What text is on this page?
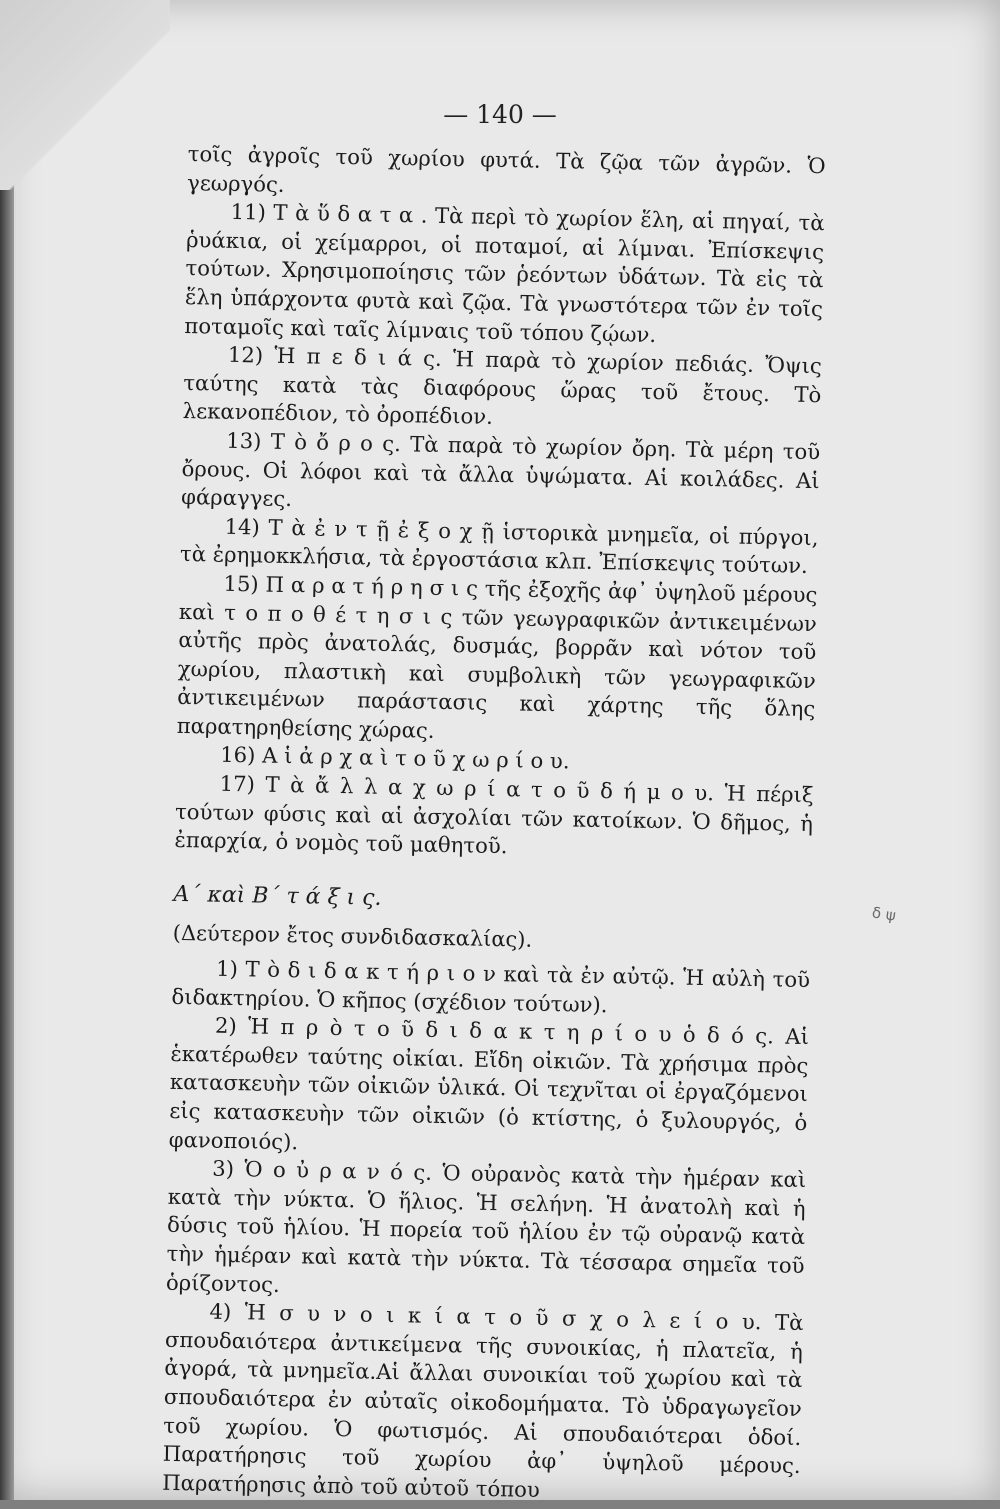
— 140 —

τοῖς ἀγροῖς τοῦ χωρίου φυτά. Τὰ ζῷα τῶν ἀγρῶν. Ὁ γεωργός.

11) Τ ὰ ὕ δ α τ α . Τὰ περὶ τὸ χωρίον ἕλη, αἱ πηγαί, τὰ ῥυάκια, οἱ χείμαρροι, οἱ ποταμοί, αἱ λίμναι. Ἐπίσκεψις τούτων. Χρησιμοποίησις τῶν ῥεόντων ὑδάτων. Τὰ εἰς τὰ ἕλη ὑπάρχοντα φυτὰ καὶ ζῷα. Τὰ γνωστότερα τῶν ἐν τοῖς ποταμοῖς καὶ ταῖς λίμναις τοῦ τόπου ζῴων.

12) Ἡ π ε δ ι ά ς. Ἡ παρὰ τὸ χωρίον πεδιάς. Ὄψις ταύτης κατὰ τὰς διαφόρους ὥρας τοῦ ἔτους. Τὸ λεκανοπέδιον, τὸ ὀροπέδιον.

13) Τ ὸ ὄ ρ ο ς. Τὰ παρὰ τὸ χωρίον ὄρη. Τὰ μέρη τοῦ ὄρους. Οἱ λόφοι καὶ τὰ ἄλλα ὑψώματα. Αἱ κοιλάδες. Αἱ φάραγγες.

14) Τ ὰ ἐ ν τ ῇ ἐ ξ ο χ ῇ ἱστορικὰ μνημεῖα, οἱ πύργοι, τὰ ἐρημοκκλήσια, τὰ ἐργοστάσια κλπ. Ἐπίσκεψις τούτων.

15) Π α ρ α τ ή ρ η σ ι ς τῆς ἐξοχῆς ἀφ᾽ ὑψηλοῦ μέρους καὶ τ ο π ο θ έ τ η σ ι ς τῶν γεωγραφικῶν ἀντικειμένων αὐτῆς πρὸς ἀνατολάς, δυσμάς, βορρᾶν καὶ νότον τοῦ χωρίου, πλαστικὴ καὶ συμβολικὴ τῶν γεωγραφικῶν ἀντικειμένων παράστασις καὶ χάρτης τῆς ὅλης παρατηρηθείσης χώρας.

16) Α ἱ ἀ ρ χ α ὶ τ ο ῦ χ ω ρ ί ο υ.

17) Τ ὰ ἄ λ λ α χ ω ρ ί α τ ο ῦ δ ή μ ο υ. Ἡ πέριξ τούτων φύσις καὶ αἱ ἀσχολίαι τῶν κατοίκων. Ὁ δῆμος, ἡ ἐπαρχία, ὁ νομὸς τοῦ μαθητοῦ.

Α΄ καὶ Β΄ τ ά ξ ι ς.

(Δεύτερον ἔτος συνδιδασκαλίας).

1) Τ ὸ δ ι δ α κ τ ή ρ ι ο ν καὶ τὰ ἐν αὐτῷ. Ἡ αὐλὴ τοῦ διδακτηρίου. Ὁ κῆπος (σχέδιον τούτων).

2) Ἡ π ρ ὸ τ ο ῦ δ ι δ α κ τ η ρ ί ο υ ὁ δ ό ς. Αἱ ἑκατέρωθεν ταύτης οἰκίαι. Εἴδη οἰκιῶν. Τὰ χρήσιμα πρὸς κατασκευὴν τῶν οἰκιῶν ὑλικά. Οἱ τεχνῖται οἱ ἐργαζόμενοι εἰς κατασκευὴν τῶν οἰκιῶν (ὁ κτίστης, ὁ ξυλουργός, ὁ φανοποιός).

3) Ὁ ο ὐ ρ α ν ό ς. Ὁ οὐρανὸς κατὰ τὴν ἡμέραν καὶ κατὰ τὴν νύκτα. Ὁ ἥλιος. Ἡ σελήνη. Ἡ ἀνατολὴ καὶ ἡ δύσις τοῦ ἡλίου. Ἡ πορεία τοῦ ἡλίου ἐν τῷ οὐρανῷ κατὰ τὴν ἡμέραν καὶ κατὰ τὴν νύκτα. Τὰ τέσσαρα σημεῖα τοῦ ὁρίζοντος.

4) Ἡ σ υ ν ο ι κ ί α τ ο ῦ σ χ ο λ ε ί ο υ. Τὰ σπουδαιότερα ἀντικείμενα τῆς συνοικίας, ἡ πλατεῖα, ἡ ἀγορά, τὰ μνημεῖα.Αἱ ἄλλαι συνοικίαι τοῦ χωρίου καὶ τὰ σπουδαιότερα ἐν αὐταῖς οἰκοδομήματα. Τὸ ὑδραγωγεῖον τοῦ χωρίου. Ὁ φωτισμός. Αἱ σπουδαιότεραι ὁδοί. Παρατήρησις τοῦ χωρίου ἀφ᾽ ὑψηλοῦ μέρους. Παρατήρησις ἀπὸ τοῦ αὐτοῦ τόπου

δ ψ
